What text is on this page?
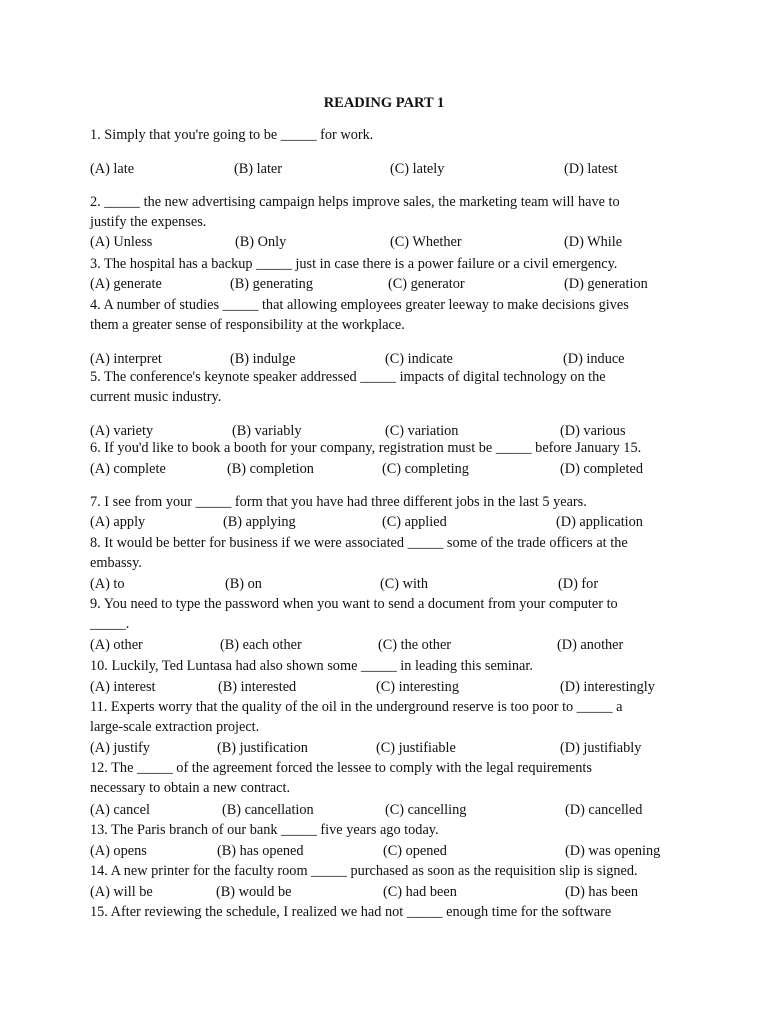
READING PART 1
1. Simply that you're going to be _____ for work.
(A) late	(B) later	(C) lately	(D) latest
2. _____ the new advertising campaign helps improve sales, the marketing team will have to
justify the expenses.
(A) Unless	(B) Only	(C) Whether	(D) While
3. The hospital has a backup _____ just in case there is a power failure or a civil emergency.
(A) generate	(B) generating	(C) generator	(D) generation
4. A number of studies _____ that allowing employees greater leeway to make decisions gives
them a greater sense of responsibility at the workplace.
(A) interpret	(B) indulge	(C) indicate	(D) induce
5. The conference's keynote speaker addressed _____ impacts of digital technology on the
current music industry.
(A) variety	(B) variably	(C) variation	(D) various
6. If you'd like to book a booth for your company, registration must be _____ before January 15.
(A) complete	(B) completion	(C) completing	(D) completed
7. I see from your _____ form that you have had three different jobs in the last 5 years.
(A) apply	(B) applying	(C) applied	(D) application
8. It would be better for business if we were associated _____ some of the trade officers at the
embassy.
(A) to	(B) on	(C) with	(D) for
9. You need to type the password when you want to send a document from your computer to
_____.
(A) other	(B) each other	(C) the other	(D) another
10. Luckily, Ted Luntasa had also shown some _____ in leading this seminar.
(A) interest	(B) interested	(C) interesting	(D) interestingly
11. Experts worry that the quality of the oil in the underground reserve is too poor to _____ a
large-scale extraction project.
(A) justify	(B) justification	(C) justifiable	(D) justifiably
12. The _____ of the agreement forced the lessee to comply with the legal requirements
necessary to obtain a new contract.
(A) cancel	(B) cancellation	(C) cancelling	(D) cancelled
13. The Paris branch of our bank _____ five years ago today.
(A) opens	(B) has opened	(C) opened	(D) was opening
14. A new printer for the faculty room _____ purchased as soon as the requisition slip is signed.
(A) will be	(B) would be	(C) had been	(D) has been
15. After reviewing the schedule, I realized we had not _____ enough time for the software
